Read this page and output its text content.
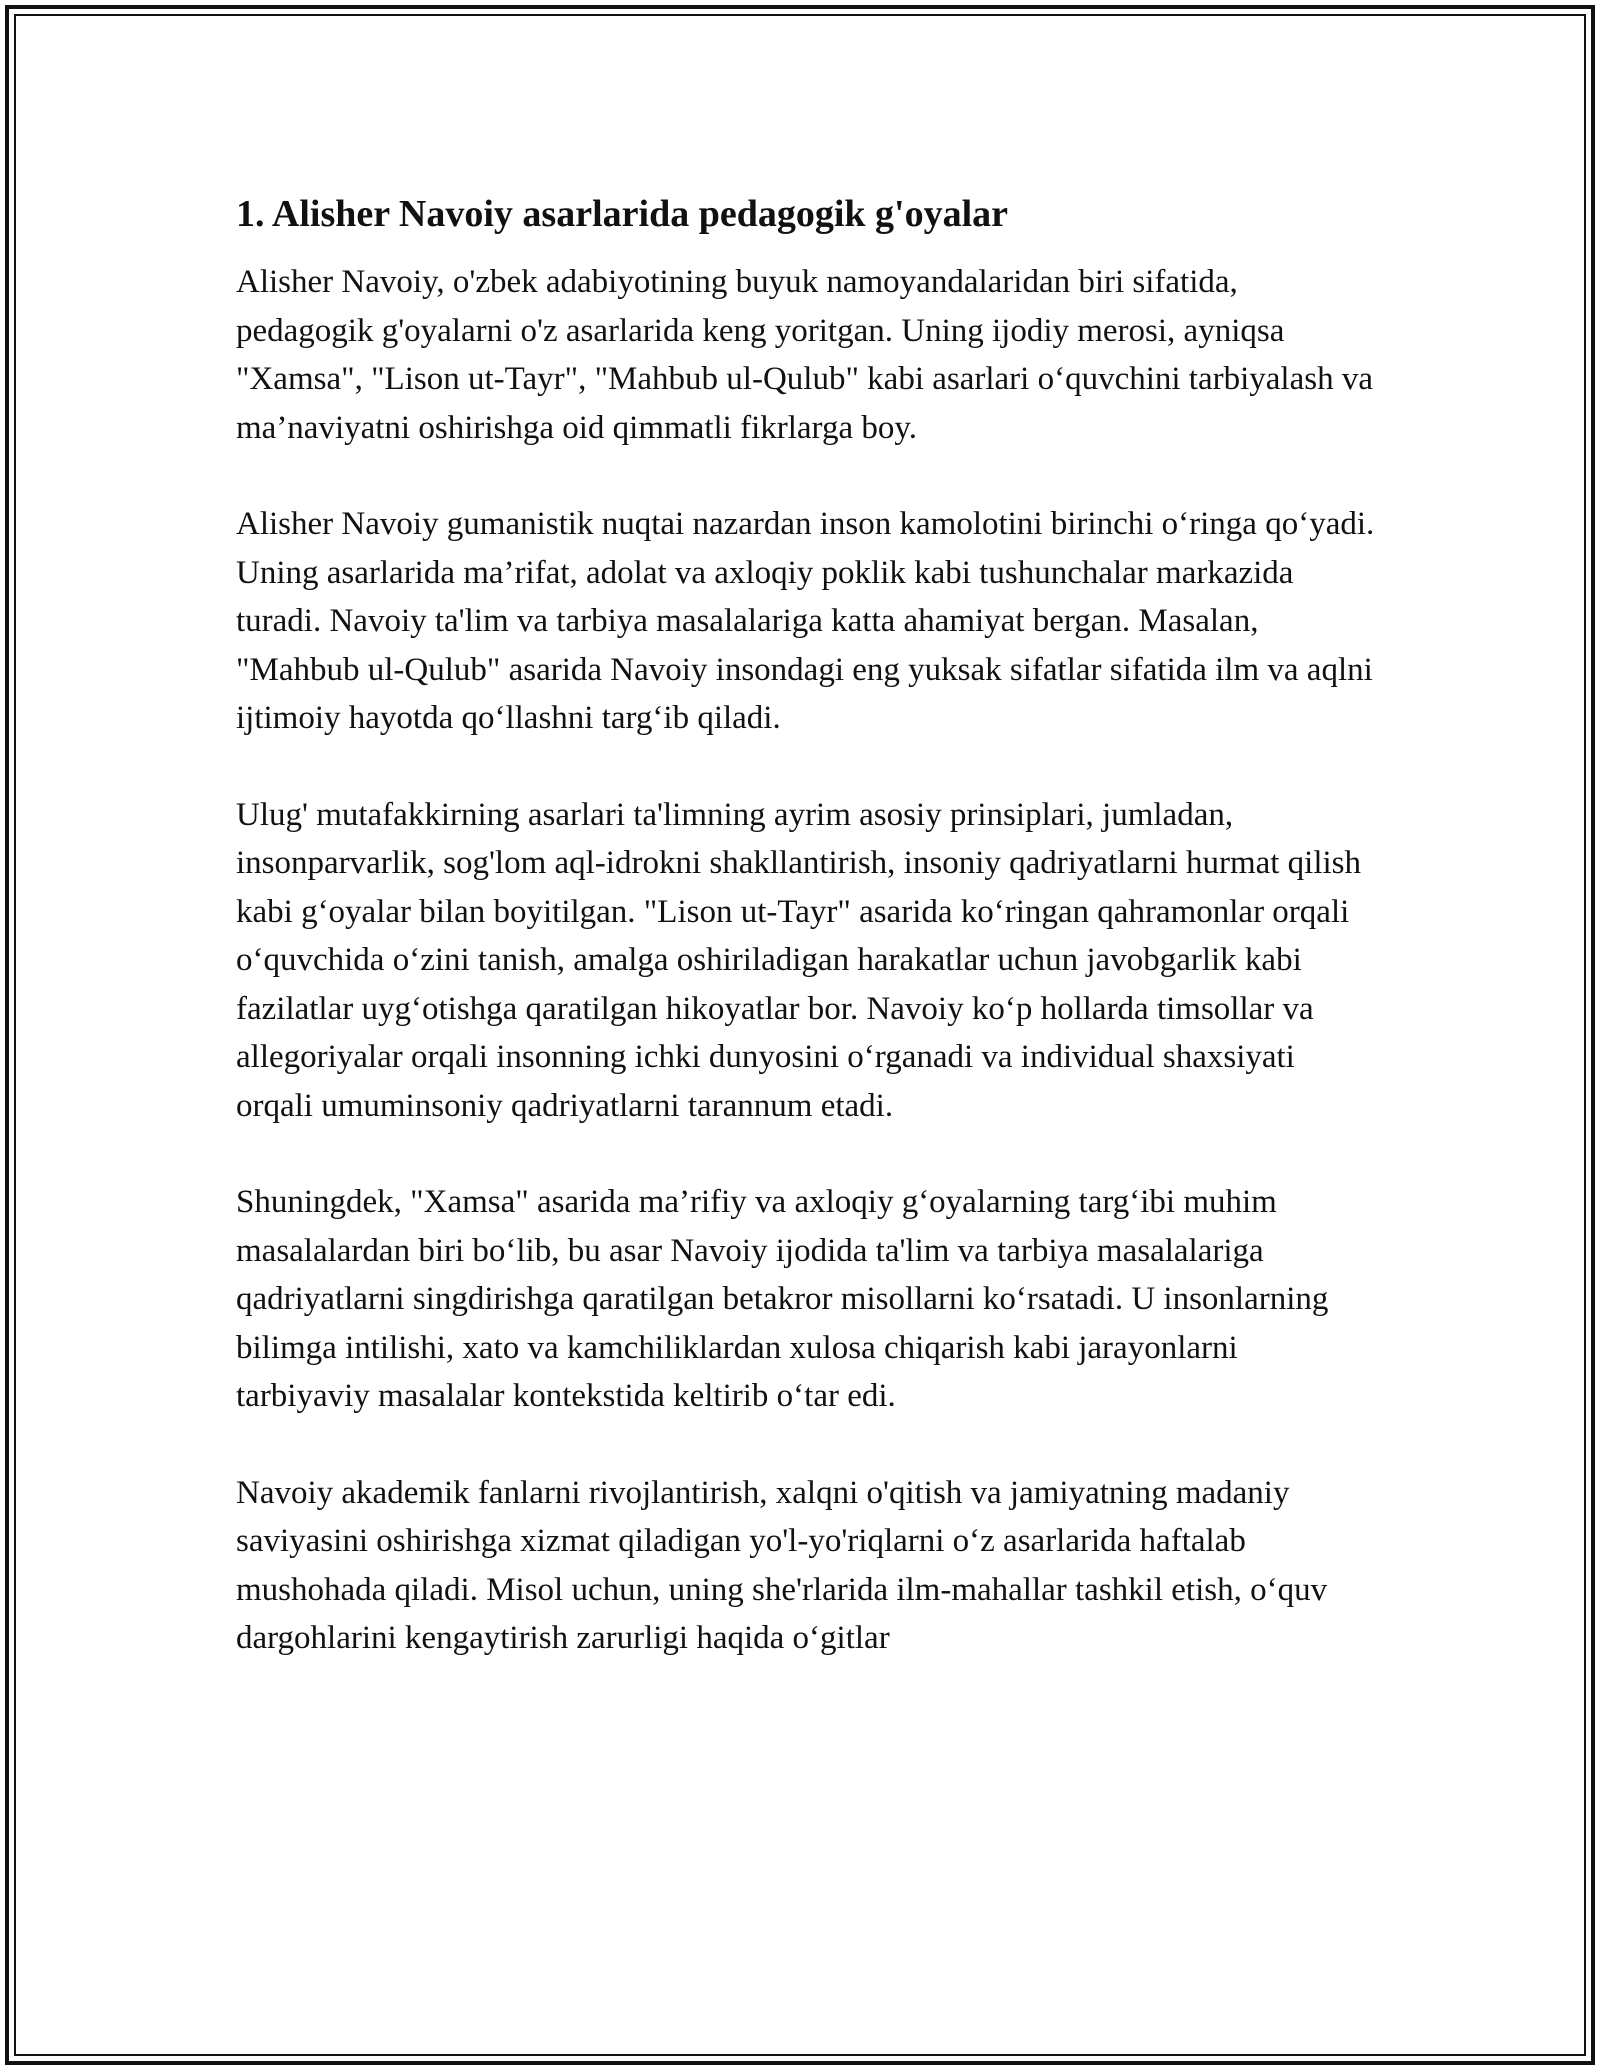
1. Alisher Navoiy asarlarida pedagogik g'oyalar

Alisher Navoiy, o'zbek adabiyotining buyuk namoyandalaridan biri sifatida, pedagogik g'oyalarni o'z asarlarida keng yoritgan. Uning ijodiy merosi, ayniqsa "Xamsa", "Lison ut-Tayr", "Mahbub ul-Qulub" kabi asarlari o‘quvchini tarbiyalash va ma’naviyatni oshirishga oid qimmatli fikrlarga boy.

Alisher Navoiy gumanistik nuqtai nazardan inson kamolotini birinchi o‘ringa qo‘yadi. Uning asarlarida ma’rifat, adolat va axloqiy poklik kabi tushunchalar markazida turadi. Navoiy ta'lim va tarbiya masalalariga katta ahamiyat bergan. Masalan, "Mahbub ul-Qulub" asarida Navoiy insondagi eng yuksak sifatlar sifatida ilm va aqlni ijtimoiy hayotda qo‘llashni targ‘ib qiladi.

Ulug' mutafakkirning asarlari ta'limning ayrim asosiy prinsiplari, jumladan, insonparvarlik, sog'lom aql-idrokni shakllantirish, insoniy qadriyatlarni hurmat qilish kabi g‘oyalar bilan boyitilgan. "Lison ut-Tayr" asarida ko‘ringan qahramonlar orqali o‘quvchida o‘zini tanish, amalga oshiriladigan harakatlar uchun javobgarlik kabi fazilatlar uyg‘otishga qaratilgan hikoyatlar bor. Navoiy ko‘p hollarda timsollar va allegoriyalar orqali insonning ichki dunyosini o‘rganadi va individual shaxsiyati orqali umuminsoniy qadriyatlarni tarannum etadi.

Shuningdek, "Xamsa" asarida ma’rifiy va axloqiy g‘oyalarning targ‘ibi muhim masalalardan biri bo‘lib, bu asar Navoiy ijodida ta'lim va tarbiya masalalariga qadriyatlarni singdirishga qaratilgan betakror misollarni ko‘rsatadi. U insonlarning bilimga intilishi, xato va kamchiliklardan xulosa chiqarish kabi jarayonlarni tarbiyaviy masalalar kontekstida keltirib o‘tar edi.

Navoiy akademik fanlarni rivojlantirish, xalqni o'qitish va jamiyatning madaniy saviyasini oshirishga xizmat qiladigan yo'l-yo'riqlarni o‘z asarlarida haftalab mushohada qiladi. Misol uchun, uning she'rlarida ilm-mahallar tashkil etish, o‘quv dargohlarini kengaytirish zarurligi haqida o‘gitlar
